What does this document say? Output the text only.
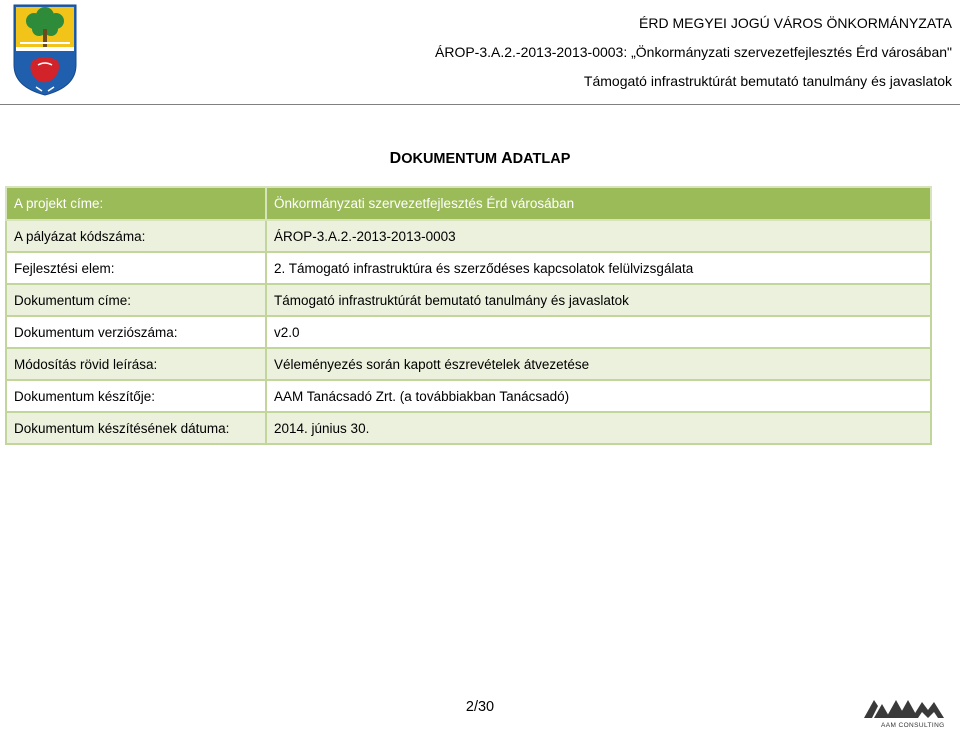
ÉRD MEGYEI JOGÚ VÁROS ÖNKORMÁNYZATA
ÁROP-3.A.2.-2013-2013-0003: „Önkormányzati szervezetfejlesztés Érd városában"
Támogató infrastruktúrát bemutató tanulmány és javaslatok
DOKUMENTUM ADATLAP
A projekt címe:	Önkormányzati szervezetfejlesztés Érd városában
A pályázat kódszáma:	ÁROP-3.A.2.-2013-2013-0003
Fejlesztési elem:	2. Támogató infrastruktúra és szerződéses kapcsolatok felülvizsgálata
Dokumentum címe:	Támogató infrastruktúrát bemutató tanulmány és javaslatok
Dokumentum verziószáma:	v2.0
Módosítás rövid leírása:	Véleményezés során kapott észrevételek átvezetése
Dokumentum készítője:	AAM Tanácsadó Zrt. (a továbbiakban Tanácsadó)
Dokumentum készítésének dátuma:	2014. június 30.
2/30
AAM CONSULTING
